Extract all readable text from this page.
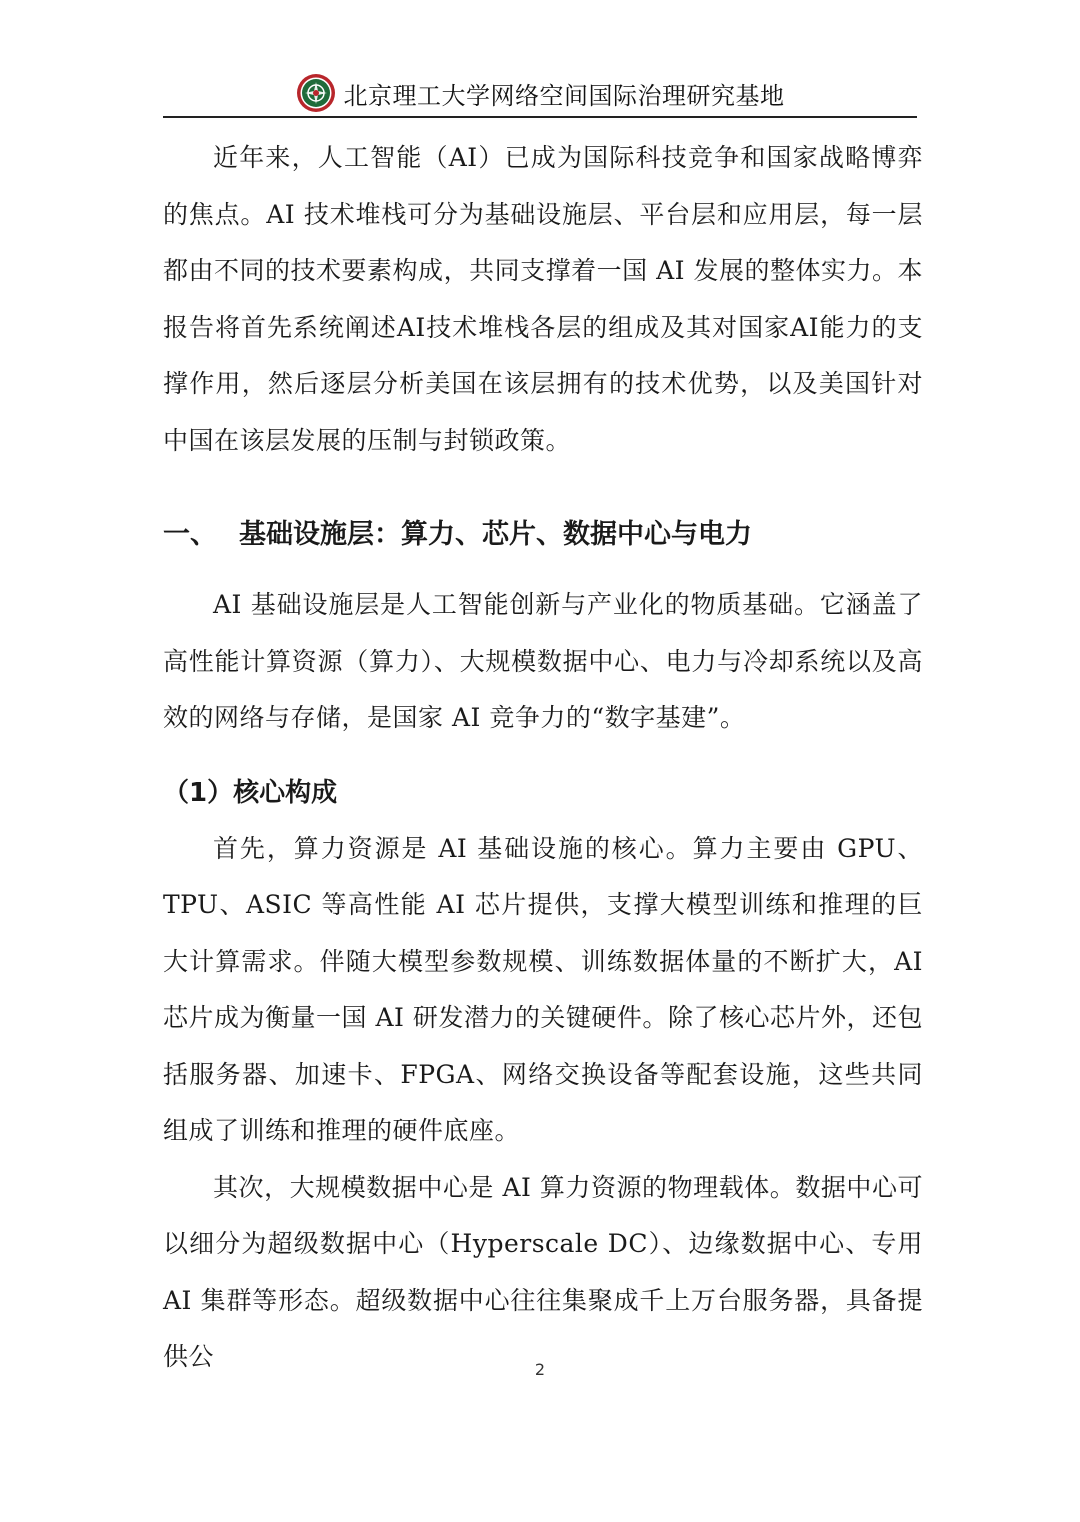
北京理工大学网络空间国际治理研究基地

近年来，人工智能（AI）已成为国际科技竞争和国家战略博弈的焦点。AI 技术堆栈可分为基础设施层、平台层和应用层，每一层都由不同的技术要素构成，共同支撑着一国 AI 发展的整体实力。本报告将首先系统阐述AI技术堆栈各层的组成及其对国家AI能力的支撑作用，然后逐层分析美国在该层拥有的技术优势，以及美国针对中国在该层发展的压制与封锁政策。

一、 基础设施层：算力、芯片、数据中心与电力

AI 基础设施层是人工智能创新与产业化的物质基础。它涵盖了高性能计算资源（算力）、大规模数据中心、电力与冷却系统以及高效的网络与存储，是国家 AI 竞争力的“数字基建”。

（1）核心构成

首先，算力资源是 AI 基础设施的核心。算力主要由 GPU、TPU、ASIC 等高性能 AI 芯片提供，支撑大模型训练和推理的巨大计算需求。伴随大模型参数规模、训练数据体量的不断扩大，AI 芯片成为衡量一国 AI 研发潜力的关键硬件。除了核心芯片外，还包括服务器、加速卡、FPGA、网络交换设备等配套设施，这些共同组成了训练和推理的硬件底座。

其次，大规模数据中心是 AI 算力资源的物理载体。数据中心可以细分为超级数据中心（Hyperscale DC）、边缘数据中心、专用 AI 集群等形态。超级数据中心往往集聚成千上万台服务器，具备提供公	2
